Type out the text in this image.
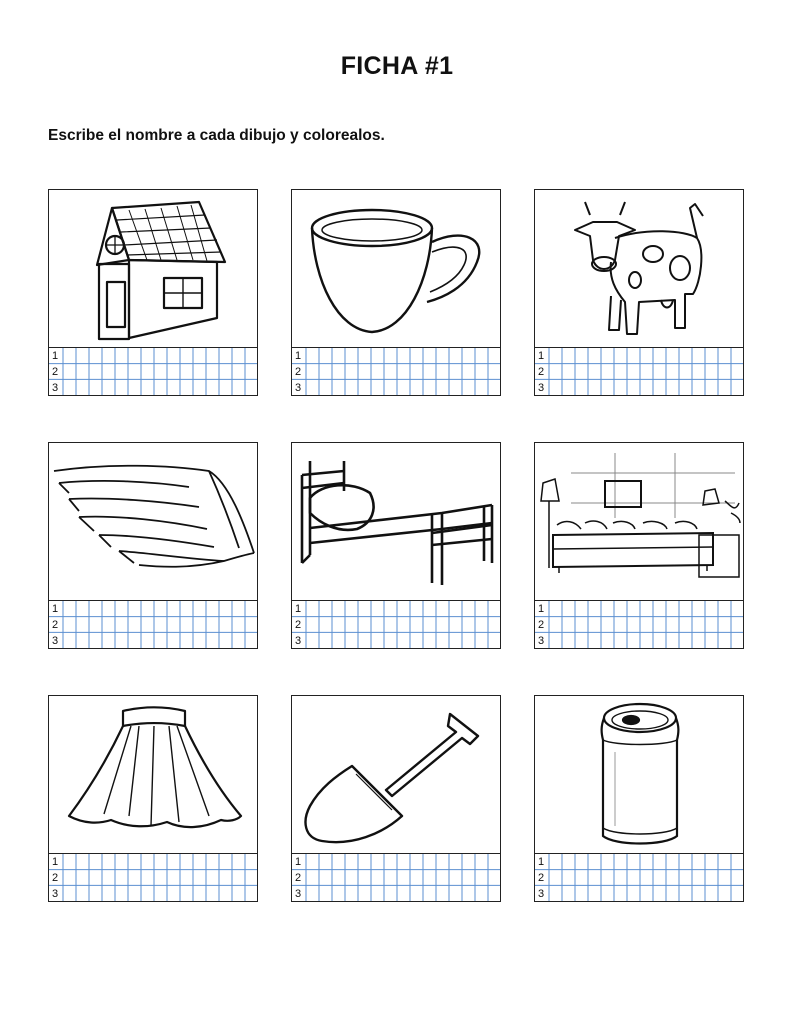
FICHA #1
Escribe el nombre a cada dibujo y colorealos.
1
2
3
1
2
3
1
2
3
1
2
3
1
2
3
1
2
3
1
2
3
1
2
3
1
2
3
